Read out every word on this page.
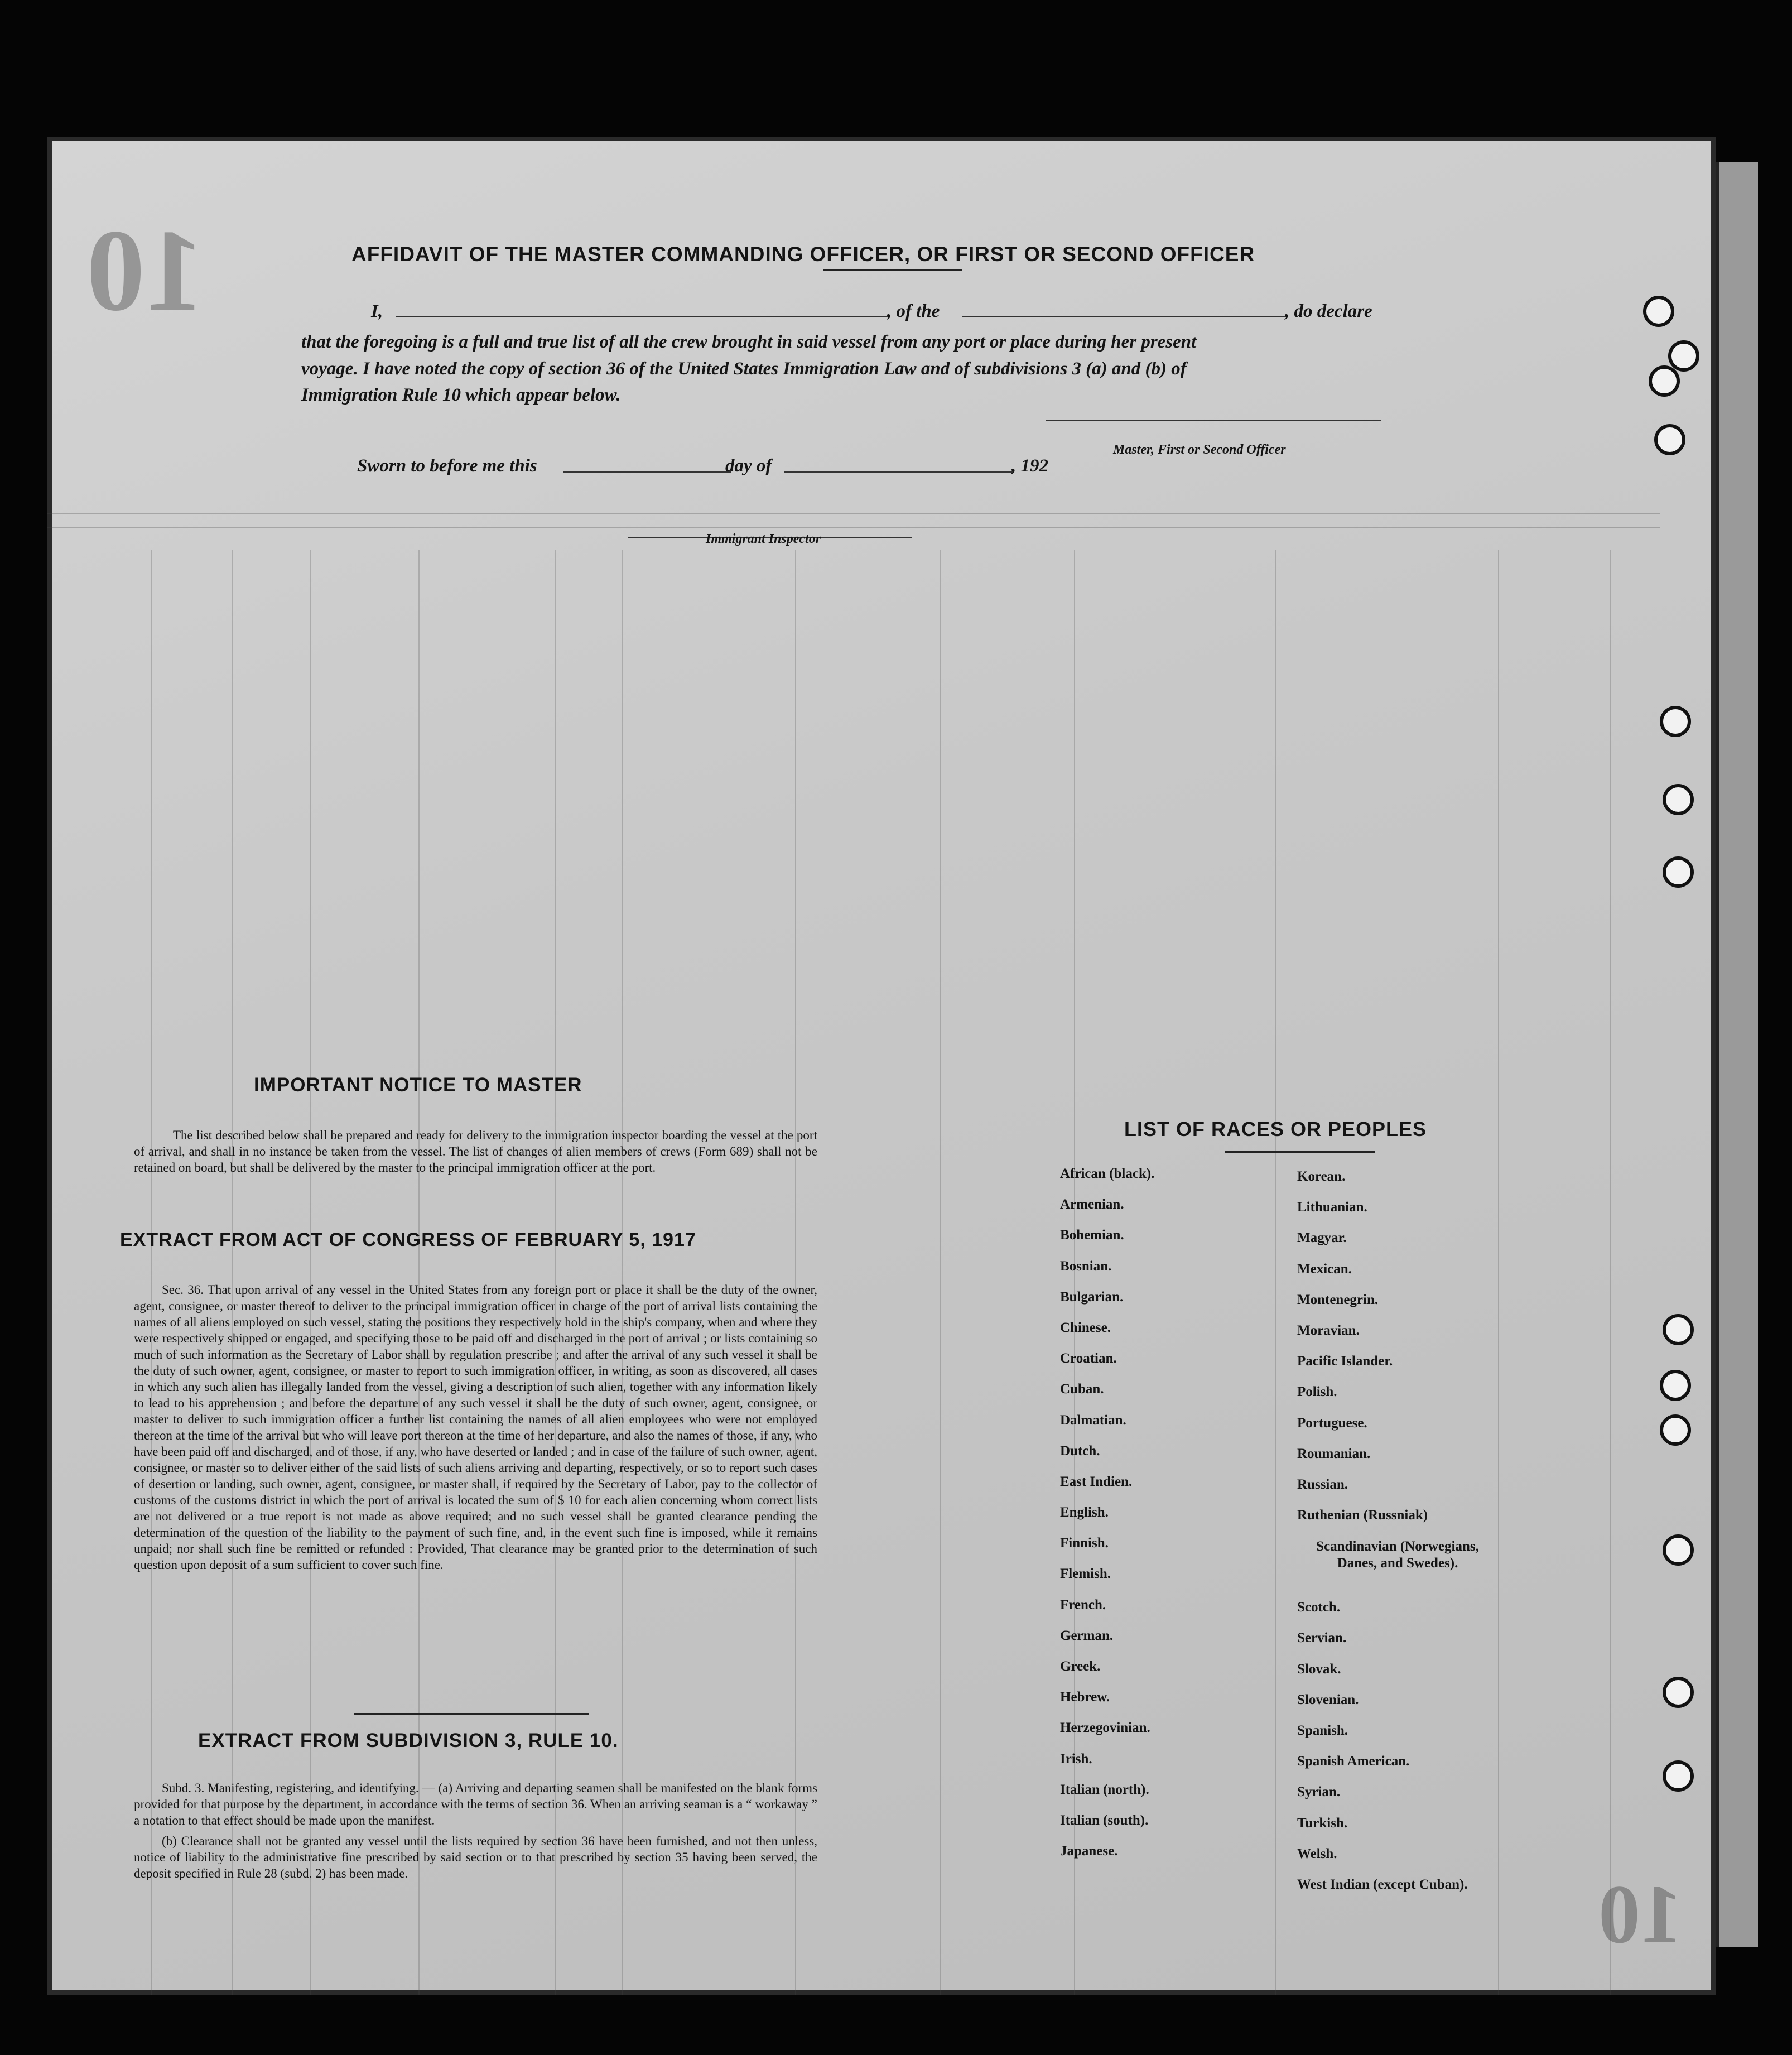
10
10
AFFIDAVIT OF THE MASTER COMMANDING OFFICER, OR FIRST OR SECOND OFFICER
I,	, of the	, do declare
that the foregoing is a full and true list of all the crew brought in said vessel from any port or place during her present
voyage. I have noted the copy of section 36 of the United States Immigration Law and of subdivisions 3 (a) and (b) of
Immigration Rule 10 which appear below.
Master, First or Second Officer
Sworn to before me this	day of	, 192
Immigrant Inspector
IMPORTANT NOTICE TO MASTER
The list described below shall be prepared and ready for delivery to the immigration inspector boarding the vessel at the port of arrival, and shall in no instance be taken from the vessel. The list of changes of alien members of crews (Form 689) shall not be retained on board, but shall be delivered by the master to the principal immigration officer at the port.
EXTRACT FROM ACT OF CONGRESS OF FEBRUARY 5, 1917
Sec. 36. That upon arrival of any vessel in the United States from any foreign port or place it shall be the duty of the owner, agent, consignee, or master thereof to deliver to the principal immigration officer in charge of the port of arrival lists containing the names of all aliens employed on such vessel, stating the positions they respectively hold in the ship's company, when and where they were respectively shipped or engaged, and specifying those to be paid off and discharged in the port of arrival ; or lists containing so much of such information as the Secretary of Labor shall by regulation prescribe ; and after the arrival of any such vessel it shall be the duty of such owner, agent, consignee, or master to report to such immigration officer, in writing, as soon as discovered, all cases in which any such alien has illegally landed from the vessel, giving a description of such alien, together with any information likely to lead to his apprehension ; and before the departure of any such vessel it shall be the duty of such owner, agent, consignee, or master to deliver to such immigration officer a further list containing the names of all alien employees who were not employed thereon at the time of the arrival but who will leave port thereon at the time of her departure, and also the names of those, if any, who have been paid off and discharged, and of those, if any, who have deserted or landed ; and in case of the failure of such owner, agent, consignee, or master so to deliver either of the said lists of such aliens arriving and departing, respectively, or so to report such cases of desertion or landing, such owner, agent, consignee, or master shall, if required by the Secretary of Labor, pay to the collector of customs of the customs district in which the port of arrival is located the sum of $ 10 for each alien concerning whom correct lists are not delivered or a true report is not made as above required; and no such vessel shall be granted clearance pending the determination of the question of the liability to the payment of such fine, and, in the event such fine is imposed, while it remains unpaid; nor shall such fine be remitted or refunded : Provided, That clearance may be granted prior to the determination of such question upon deposit of a sum sufficient to cover such fine.
EXTRACT FROM SUBDIVISION 3, RULE 10.
Subd. 3. Manifesting, registering, and identifying. — (a) Arriving and departing seamen shall be manifested on the blank forms provided for that purpose by the department, in accordance with the terms of section 36. When an arriving seaman is a “ workaway ” a notation to that effect should be made upon the manifest.
(b) Clearance shall not be granted any vessel until the lists required by section 36 have been furnished, and not then unless, notice of liability to the administrative fine prescribed by said section or to that prescribed by section 35 having been served, the deposit specified in Rule 28 (subd. 2) has been made.
LIST OF RACES OR PEOPLES
African (black).
Armenian.
Bohemian.
Bosnian.
Bulgarian.
Chinese.
Croatian.
Cuban.
Dalmatian.
Dutch.
East Indien.
English.
Finnish.
Flemish.
French.
German.
Greek.
Hebrew.
Herzegovinian.
Irish.
Italian (north).
Italian (south).
Japanese.
Korean.
Lithuanian.
Magyar.
Mexican.
Montenegrin.
Moravian.
Pacific Islander.
Polish.
Portuguese.
Roumanian.
Russian.
Ruthenian (Russniak)
Scandinavian (Norwegians, Danes, and Swedes).
Scotch.
Servian.
Slovak.
Slovenian.
Spanish.
Spanish American.
Syrian.
Turkish.
Welsh.
West Indian (except Cuban).
